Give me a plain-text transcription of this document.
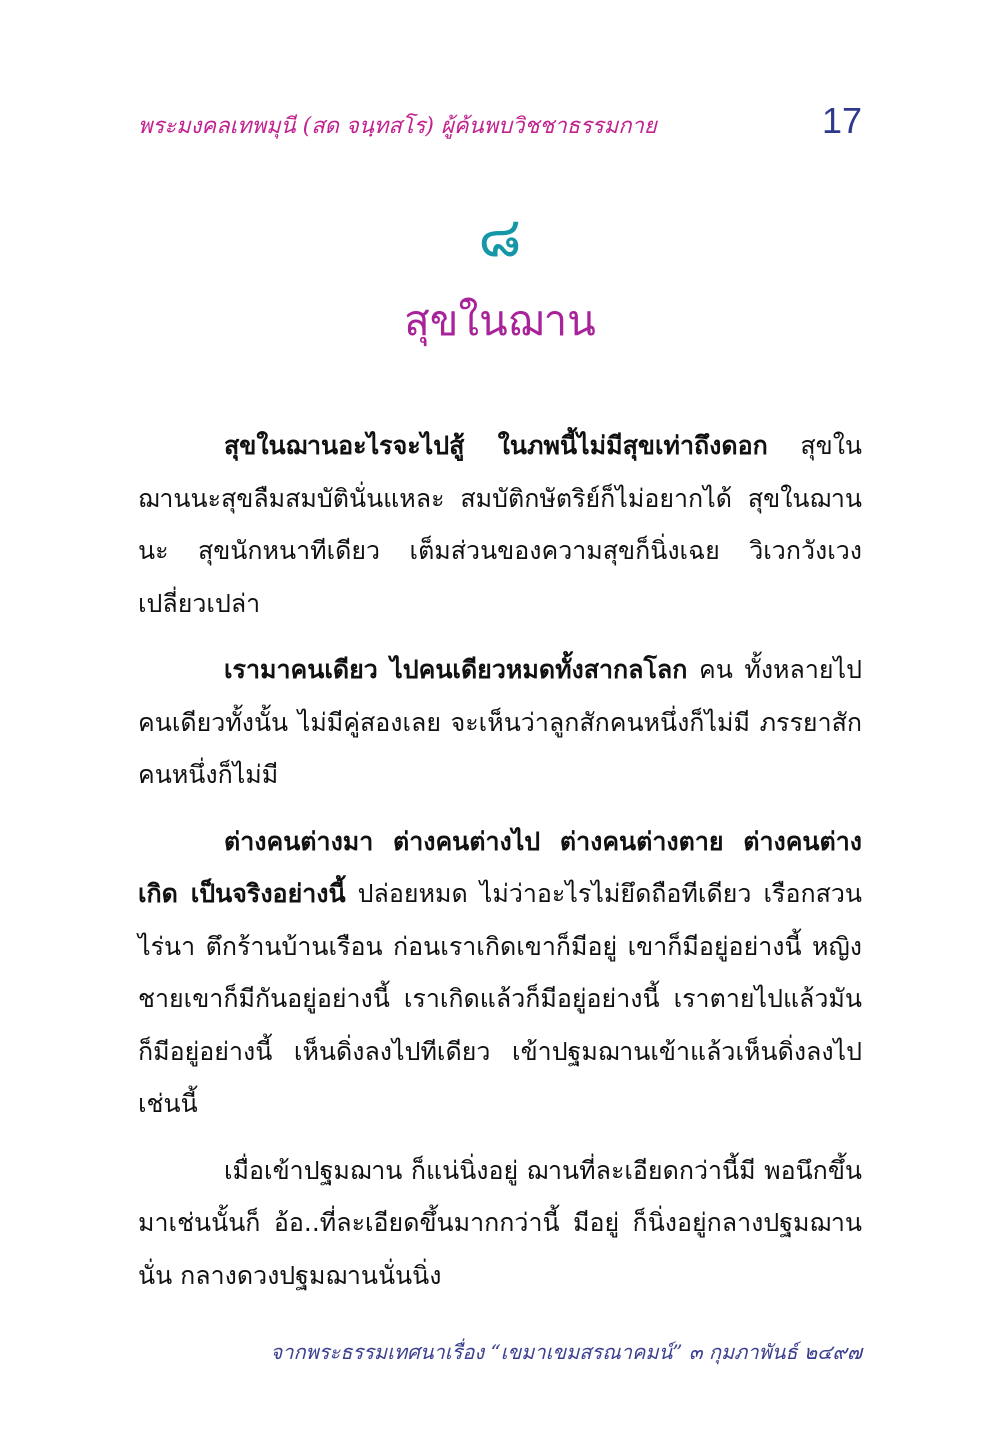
พระมงคลเทพมุนี (สด จนฺทสโร) ผู้ค้นพบวิชชาธรรมกาย	17
๘
สุขในฌาน

สุขในฌานอะไรจะไปสู้ ในภพนี้ไม่มีสุขเท่าถึงดอก สุขในฌานนะสุขลืมสมบัตินั่นแหละ สมบัติกษัตริย์ก็ไม่อยากได้ สุขในฌานนะ สุขนักหนาทีเดียว เต็มส่วนของความสุขก็นิ่งเฉย วิเวกวังเวงเปลี่ยวเปล่า

เรามาคนเดียว ไปคนเดียวหมดทั้งสากลโลก คน ทั้งหลายไปคนเดียวทั้งนั้น ไม่มีคู่สองเลย จะเห็นว่าลูกสักคนหนึ่งก็ไม่มี ภรรยาสักคนหนึ่งก็ไม่มี

ต่างคนต่างมา ต่างคนต่างไป ต่างคนต่างตาย ต่างคนต่างเกิด เป็นจริงอย่างนี้ ปล่อยหมด ไม่ว่าอะไรไม่ยึดถือทีเดียว เรือกสวนไร่นา ตึกร้านบ้านเรือน ก่อนเราเกิดเขาก็มีอยู่ เขาก็มีอยู่อย่างนี้ หญิงชายเขาก็มีกันอยู่อย่างนี้ เราเกิดแล้วก็มีอยู่อย่างนี้ เราตายไปแล้วมันก็มีอยู่อย่างนี้ เห็นดิ่งลงไปทีเดียว เข้าปฐมฌานเข้าแล้วเห็นดิ่งลงไปเช่นนี้

เมื่อเข้าปฐมฌาน ก็แน่นิ่งอยู่ ฌานที่ละเอียดกว่านี้มี พอนึกขึ้นมาเช่นนั้นก็ อ้อ..ที่ละเอียดขึ้นมากกว่านี้ มีอยู่ ก็นิ่งอยู่กลางปฐมฌานนั่น กลางดวงปฐมฌานนั่นนิ่ง

จากพระธรรมเทศนาเรื่อง “เขมาเขมสรณาคมน์” ๓ กุมภาพันธ์ ๒๔๙๗
